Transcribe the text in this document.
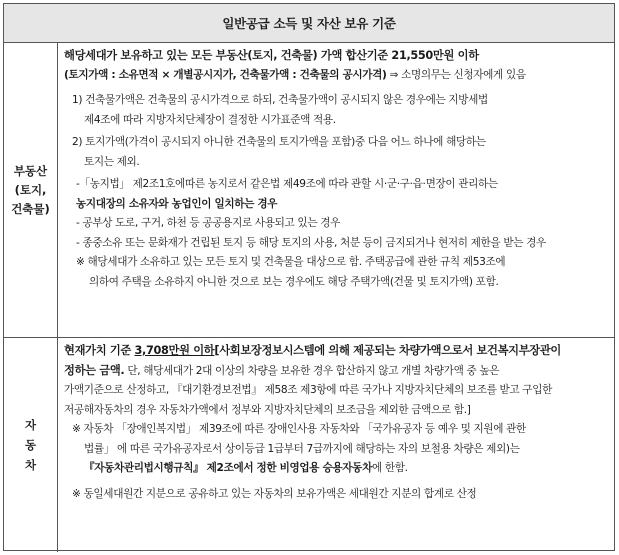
일반공급 소득 및 자산 보유 기준
부동산
(토지,
건축물)

해당세대가 보유하고 있는 모든 부동산(토지, 건축물) 가액 합산기준 21,550만원 이하

(토지가액 : 소유면적 × 개별공시지가, 건축물가액 : 건축물의 공시가격) ⇒ 소명의무는 신청자에게 있음

1) 건축물가액은 건축물의 공시가격으로 하되, 건축물가액이 공시되지 않은 경우에는 지방세법

제4조에 따라 지방자치단체장이 결정한 시가표준액 적용.

2) 토지가액(가격이 공시되지 아니한 건축물의 토지가액을 포함)중 다음 어느 하나에 해당하는

토지는 제외.

-「농지법」 제2조1호에따른 농지로서 같은법 제49조에 따라 관할 시·군·구·읍·면장이 관리하는

농지대장의 소유자와 농업인이 일치하는 경우

- 공부상 도로, 구거, 하천 등 공공용지로 사용되고 있는 경우

- 종중소유 또는 문화재가 건립된 토지 등 해당 토지의 사용, 처분 등이 금지되거나 현저히 제한을 받는 경우

※ 해당세대가 소유하고 있는 모든 토지 및 건축물을 대상으로 함. 주택공급에 관한 규칙 제53조에

의하여 주택을 소유하지 아니한 것으로 보는 경우에도 해당 주택가액(건물 및 토지가액) 포함.

자
동
차

현재가치 기준 3,708만원 이하[사회보장정보시스템에 의해 제공되는 차량가액으로서 보건복지부장관이

정하는 금액. 단, 해당세대가 2대 이상의 차량을 보유한 경우 합산하지 않고 개별 차량가액 중 높은

가액기준으로 산정하고, 『대기환경보전법』 제58조 제3항에 따른 국가나 지방자치단체의 보조를 받고 구입한

저공해자동차의 경우 자동차가액에서 정부와 지방자치단체의 보조금을 제외한 금액으로 함.]

※ 자동차 「장애인복지법」 제39조에 따른 장애인사용 자동차와 「국가유공자 등 예우 및 지원에 관한

법률」 에 따른 국가유공자로서 상이등급 1급부터 7급까지에 해당하는 자의 보철용 차량은 제외)는

『자동차관리법시행규칙』 제2조에서 정한 비영업용 승용자동차에 한함.

※ 동일세대원간 지분으로 공유하고 있는 자동차의 보유가액은 세대원간 지분의 합계로 산정
